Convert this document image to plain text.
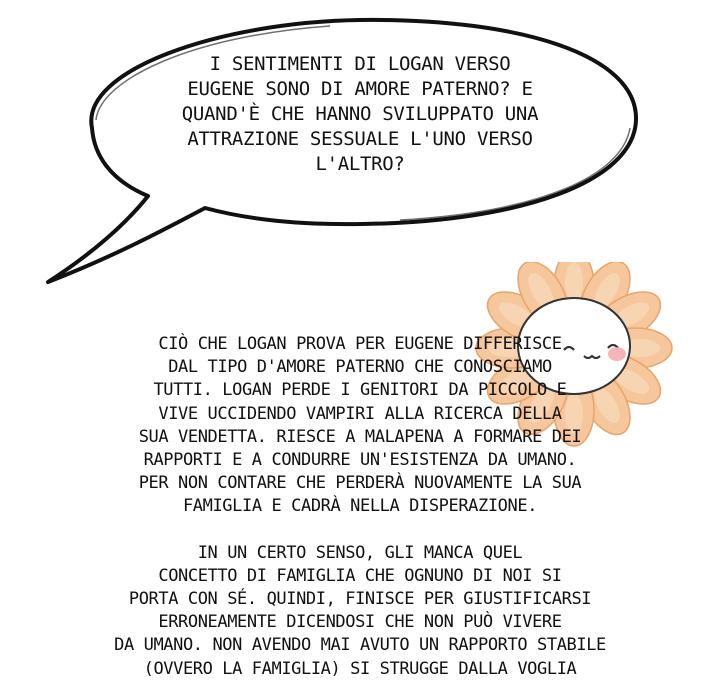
I SENTIMENTI DI LOGAN VERSO
EUGENE SONO DI AMORE PATERNO? E
QUAND'È CHE HANNO SVILUPPATO UNA
ATTRAZIONE SESSUALE L'UNO VERSO
L'ALTRO?

CIÒ CHE LOGAN PROVA PER EUGENE DIFFERISCE
DAL TIPO D'AMORE PATERNO CHE CONOSCIAMO
TUTTI. LOGAN PERDE I GENITORI DA PICCOLO E
VIVE UCCIDENDO VAMPIRI ALLA RICERCA DELLA
SUA VENDETTA. RIESCE A MALAPENA A FORMARE DEI
RAPPORTI E A CONDURRE UN'ESISTENZA DA UMANO.
PER NON CONTARE CHE PERDERÀ NUOVAMENTE LA SUA
FAMIGLIA E CADRÀ NELLA DISPERAZIONE.

IN UN CERTO SENSO, GLI MANCA QUEL
CONCETTO DI FAMIGLIA CHE OGNUNO DI NOI SI
PORTA CON SÉ. QUINDI, FINISCE PER GIUSTIFICARSI
ERRONEAMENTE DICENDOSI CHE NON PUÒ VIVERE
DA UMANO. NON AVENDO MAI AVUTO UN RAPPORTO STABILE
(OVVERO LA FAMIGLIA) SI STRUGGE DALLA VOGLIA
